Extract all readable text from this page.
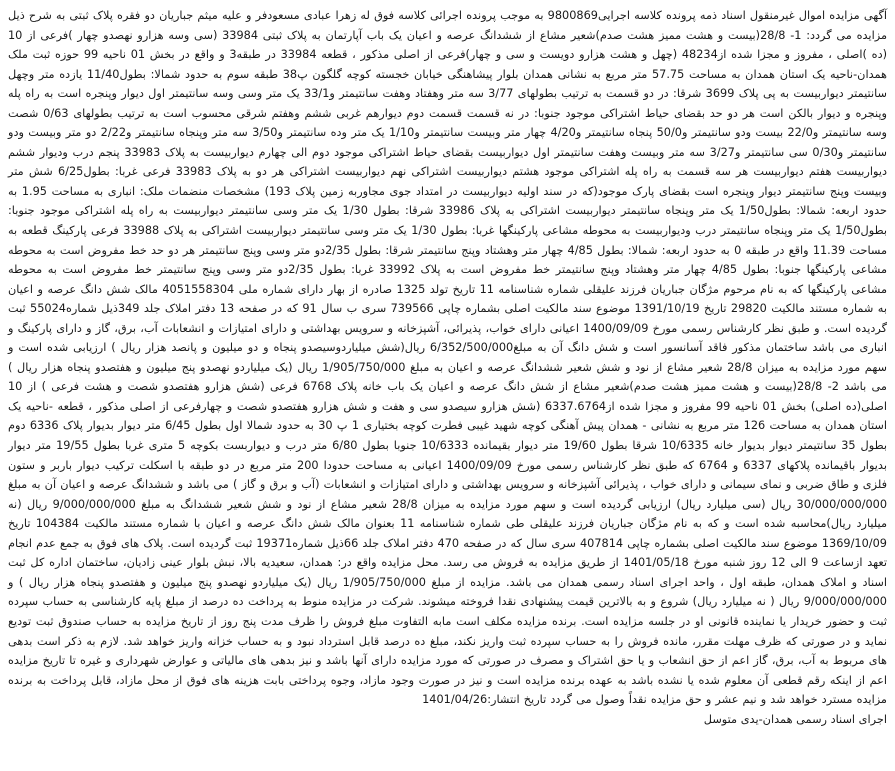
آگهی مزایده اموال غیرمنقول اسناد ذمه پرونده کلاسه اجرایی9800869 به موجب پرونده اجرائی کلاسه فوق له زهرا عبادی مسعودفر و علیه میثم جباریان دو فقره پلاک ثبتی به شرح ذیل مزایده می گردد: 1- 28/8(بیست و هشت ممیز هشت صدم)شعیر مشاع از ششدانگ عرصه و اعیان یک باب آپارتمان به پلاک ثبتی 33984 (سی وسه هزارو نهصدو چهار )فرعی از 10 (ده )اصلی ، مفروز و مجزا شده از48234 (چهل و هشت هزارو دویست و سی و چهار)فرعی از اصلی مذکور ، قطعه 33984 در طبقه3 و واقع در بخش 01 ناحیه 99 حوزه ثبت ملک همدان-ناحیه یک استان همدان به مساحت 57.75 متر مربع به نشانی همدان بلوار پیشاهنگی خیابان خجسته کوچه گلگون پ38 طبقه سوم به حدود شمالا: بطول11/40 یازده متر وچهل سانتیمتر دیواربیست به پی پلاک 3699 شرقا: در دو قسمت به ترتیب بطولهای 3/77 سه متر وهفتاد وهفت سانتیمتر و33/1 یک متر وسی وسه سانتیمتر اول دیوار وپنجره است به راه پله وپنجره و دیوار بالکن است هر دو حد بقضای حیاط اشتراکی موجود جنوبا: در نه قسمت قسمت دوم دیوارهم غربی ششم وهفتم شرقی محسوب است به ترتیب بطولهای 0/63 شصت وسه سانتیمتر و22/0 بیست ودو سانتیمتر و50/0 پنجاه سانتیمتر و4/20 چهار متر وبیست سانتیمتر و1/10 یک متر وده سانتیمتر و3/50 سه متر وپنجاه سانتیمتر و2/22 دو متر وبیست ودو سانتیمتر و0/30 سی سانتیمتر و3/27 سه متر وبیست وهفت سانتیمتر اول دیواربیست بقضای حیاط اشتراکی موجود دوم الی چهارم دیواربیست به پلاک 33983 پنجم درب ودیوار ششم دیواربیست هفتم دیواربیست هر سه قسمت به راه پله اشتراکی موجود هشتم دیواربیست اشتراکی نهم دیواربیست اشتراکی هر دو به پلاک 33983 فرعی غربا: بطول6/25 شش متر وبیست وپنج سانتیمتر دیوار وپنجره است بقضای پارک موجود(که در سند اولیه دیواربیست در امتداد جوی مجاوربه زمین پلاک 193) مشخصات منضمات ملک: انباری به مساحت 1.95 به حدود اربعه: شمالا: بطول1/50 یک متر وپنجاه سانتیمتر دیواربیست اشتراکی به پلاک 33986 شرقا: بطول 1/30 یک متر وسی سانتیمتر دیواربیست به راه پله اشتراکی موجود جنوبا: بطول1/50 یک متر وپنجاه سانتیمتر درب ودیواربیست به محوطه مشاعی پارکینگها غربا: بطول 1/30 یک متر وسی سانتیمتر دیواربیست اشتراکی به پلاک 33988 فرعی پارکینگ قطعه به مساحت 11.39 واقع در طبقه 0 به حدود اربعه: شمالا: بطول 4/85 چهار متر وهشتاد وپنج سانتیمتر شرقا: بطول 2/35دو متر وسی وپنج سانتیمتر هر دو حد خط مفروض است به محوطه مشاعی پارکینگها جنوبا: بطول 4/85 چهار متر وهشتاد وپنج سانتیمتر خط مفروض است به پلاک 33992 غربا: بطول 2/35دو متر وسی وپنج سانتیمتر خط مفروض است به محوطه مشاعی پارکینگها که به نام مرحوم مژگان جباریان فرزند علیقلی شماره شناسنامه 11 تاریخ تولد 1325 صادره از بهار دارای شماره ملی 4051558304 مالک شش دانگ عرصه و اعیان به شماره مستند مالکیت 29820 تاریخ 1391/10/19 موضوع سند مالکیت اصلی بشماره چاپی 739566 سری ب سال 91 که در صفحه 13 دفتر املاک جلد 349ذیل شماره55024 ثبت گردیده است. و طبق نظر کارشناس رسمی مورخ 1400/09/09 اعیانی دارای خواب، پذیرائی، آشپزخانه و سرویس بهداشتی و دارای امتیازات و انشعابات آب، برق، گاز و دارای پارکینگ و انباری می باشد ساختمان مذکور فاقد آسانسور است و شش دانگ آن به مبلغ6/352/500/000 ریال(شش میلیاردوسیصدو پنجاه و دو میلیون و پانصد هزار ریال ) ارزیابی شده است و سهم مورد مزایده به میزان 28/8 شعیر مشاع از نود و شش شعیر ششدانگ عرصه و اعیان به مبلغ 1/905/750/000 ریال (یک میلیاردو نهصدو پنج میلیون و هفتصدو پنجاه هزار ریال ) می باشد 2- 28/8(بیست و هشت ممیز هشت صدم)شعیر مشاع از شش دانگ عرصه و اعیان یک باب خانه پلاک 6768 فرعی (شش هزارو هفتصدو شصت و هشت فرعی ) از 10 اصلی(ده اصلی) بخش 01 ناحیه 99 مفروز و مجزا شده از6337.6764 (شش هزارو سیصدو سی و هفت و شش هزارو هفتصدو شصت و چهارفرعی از اصلی مذکور ، قطعه -ناحیه یک استان همدان به مساحت 126 متر مربع به نشانی - همدان پیش آهنگی کوچه شهید غیبی فطرت کوچه بختیاری 1 پ 30 به حدود شمالا اول بطول 6/45 متر دیوار بدیوار پلاک 6336 دوم بطول 35 سانتیمتر دیوار بدیوار خانه 10/6335 شرقا بطول 19/60 متر دیوار بقیمانده 10/6333 جنوبا بطول 6/80 متر درب و دیواربست بکوچه 5 متری غربا بطول 19/55 متر دیوار بدیوار باقیمانده پلاکهای 6337 و 6764 که طبق نظر کارشناس رسمی مورخ 1400/09/09 اعیانی به مساحت حدودا 200 متر مربع در دو طبقه با اسکلت ترکیب دیوار باربر و ستون فلزی و طاق ضربی و نمای سیمانی و دارای خواب ، پذیرائی آشپزخانه و سرویس بهداشتی و دارای امتیازات و انشعابات (آب و برق و گاز ) می باشد و ششدانگ عرصه و اعیان آن به مبلغ 30/000/000/000 ریال (سی میلیارد ریال) ارزیابی گردیده است و سهم مورد مزایده به میزان 28/8 شعیر مشاع از نود و شش شعیر ششدانگ به مبلغ 9/000/000/000 ریال (نه میلیارد ریال)محاسبه شده است و که به نام مژگان جباریان فرزند علیقلی طی شماره شناسنامه 11 بعنوان مالک شش دانگ عرصه و اعیان با شماره مستند مالکیت 104384 تاریخ 1369/10/09 موضوع سند مالکیت اصلی بشماره چاپی 407814 سری سال که در صفحه 470 دفتر املاک جلد 66ذیل شماره19371 ثبت گردیده است. پلاک های فوق به جمع عدم انجام تعهد ازساعت 9 الی 12 روز شنبه مورخ 1401/05/18 از طریق مزایده به فروش می رسد. محل مزایده واقع در: همدان، سعیدیه بالا، نبش بلوار عینی زادیان، ساختمان اداره کل ثبت اسناد و املاک همدان، طبقه اول ، واحد اجرای اسناد رسمی همدان می باشد. مزایده از مبلغ 1/905/750/000 ریال (یک میلیاردو نهصدو پنج میلیون و هفتصدو پنجاه هزار ریال ) و 9/000/000/000 ریال ( نه میلیارد ریال) شروع و به بالاترین قیمت پیشنهادی نقدا فروخته میشوند. شرکت در مزایده منوط به پرداخت ده درصد از مبلغ پایه کارشناسی به حساب سپرده ثبت و حضور خریدار یا نماینده قانونی او در جلسه مزایده است. برنده مزایده مکلف است مابه التفاوت مبلغ فروش را ظرف مدت پنج روز از تاریخ مزایده به حساب صندوق ثبت تودیع نماید و در صورتی که ظرف مهلت مقرر، مانده فروش را به حساب سپرده ثبت واریز نکند، مبلغ ده درصد قابل استرداد نبود و به حساب خزانه واریز خواهد شد. لازم به ذکر است بدهی های مربوط به آب، برق، گاز اعم از حق انشعاب و یا حق اشتراک و مصرف در صورتی که مورد مزایده دارای آنها باشد و نیز بدهی های مالیاتی و عوارض شهرداری و غیره تا تاریخ مزایده اعم از اینکه رقم قطعی آن معلوم شده یا نشده باشد به عهده برنده مزایده است و نیز در صورت وجود مازاد، وجوه پرداختی بابت هزینه های فوق از محل مازاد، قابل پرداخت به برنده مزایده مسترد خواهد شد و نیم عشر و حق مزایده نقداً وصول می گردد تاریخ انتشار:1401/04/26

اجرای اسناد رسمی همدان-یدی متوسل
